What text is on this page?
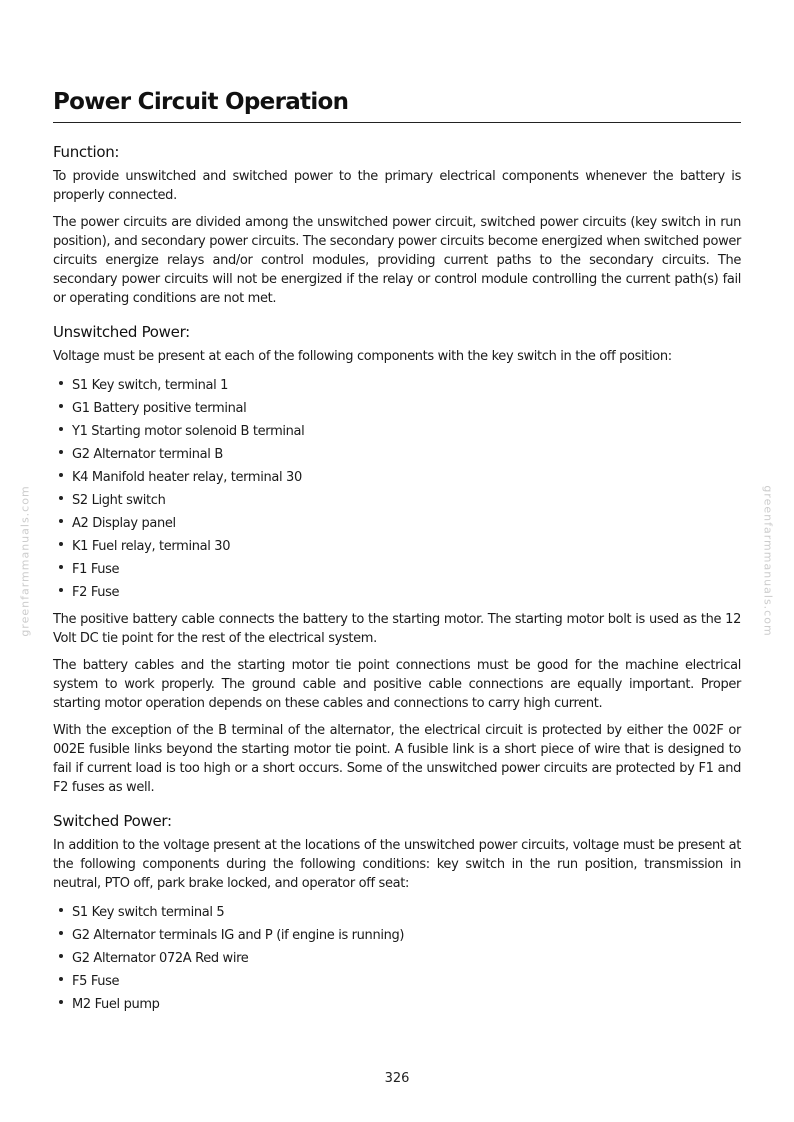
greenfarmmanuals.com	greenfarmmanuals.com
Power Circuit Operation
Function:

To provide unswitched and switched power to the primary electrical components whenever the battery is properly connected.

The power circuits are divided among the unswitched power circuit, switched power circuits (key switch in run position), and secondary power circuits. The secondary power circuits become energized when switched power circuits energize relays and/or control modules, providing current paths to the secondary circuits. The secondary power circuits will not be energized if the relay or control module controlling the current path(s) fail or operating conditions are not met.

Unswitched Power:

Voltage must be present at each of the following components with the key switch in the off position:

S1 Key switch, terminal 1
G1 Battery positive terminal
Y1 Starting motor solenoid B terminal
G2 Alternator terminal B
K4 Manifold heater relay, terminal 30
S2 Light switch
A2 Display panel
K1 Fuel relay, terminal 30
F1 Fuse
F2 Fuse

The positive battery cable connects the battery to the starting motor. The starting motor bolt is used as the 12 Volt DC tie point for the rest of the electrical system.

The battery cables and the starting motor tie point connections must be good for the machine electrical system to work properly. The ground cable and positive cable connections are equally important. Proper starting motor operation depends on these cables and connections to carry high current.

With the exception of the B terminal of the alternator, the electrical circuit is protected by either the 002F or 002E fusible links beyond the starting motor tie point. A fusible link is a short piece of wire that is designed to fail if current load is too high or a short occurs. Some of the unswitched power circuits are protected by F1 and F2 fuses as well.

Switched Power:

In addition to the voltage present at the locations of the unswitched power circuits, voltage must be present at the following components during the following conditions: key switch in the run position, transmission in neutral, PTO off, park brake locked, and operator off seat:

S1 Key switch terminal 5
G2 Alternator terminals IG and P (if engine is running)
G2 Alternator 072A Red wire
F5 Fuse
M2 Fuel pump
326
